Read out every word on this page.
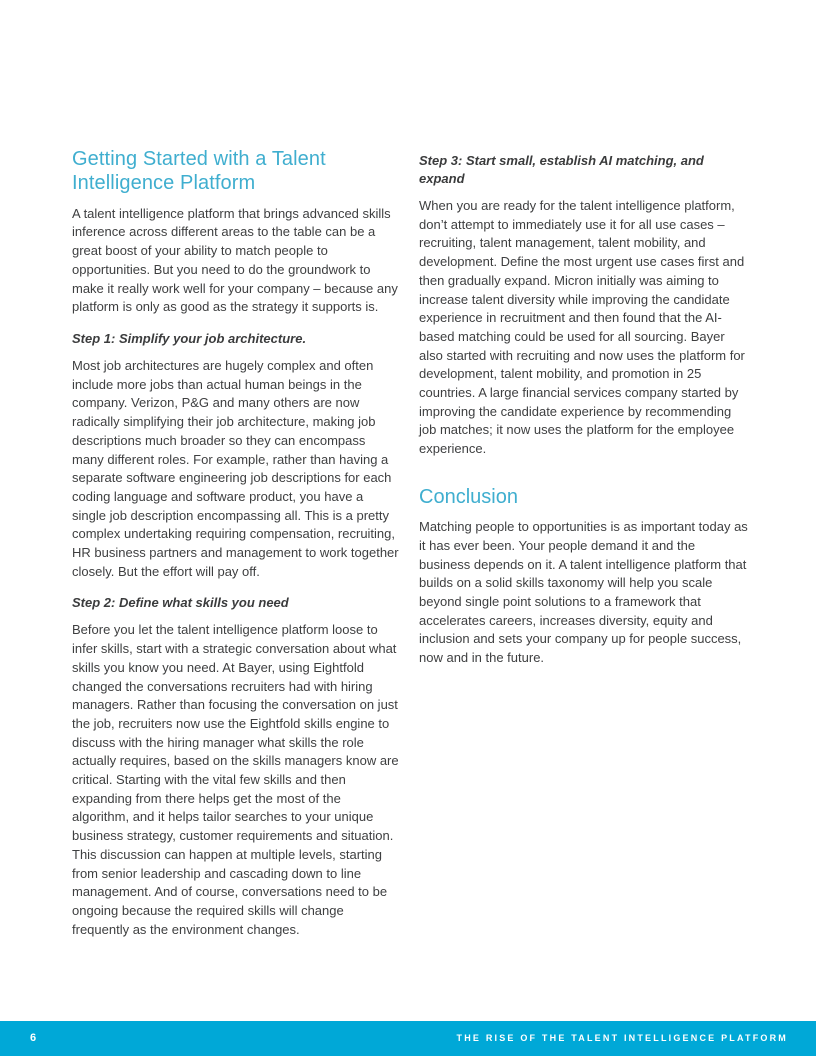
Getting Started with a Talent Intelligence Platform

A talent intelligence platform that brings advanced skills inference across different areas to the table can be a great boost of your ability to match people to opportunities. But you need to do the groundwork to make it really work well for your company – because any platform is only as good as the strategy it supports is.

Step 1: Simplify your job architecture.

Most job architectures are hugely complex and often include more jobs than actual human beings in the company. Verizon, P&G and many others are now radically simplifying their job architecture, making job descriptions much broader so they can encompass many different roles. For example, rather than having a separate software engineering job descriptions for each coding language and software product, you have a single job description encompassing all. This is a pretty complex undertaking requiring compensation, recruiting, HR business partners and management to work together closely. But the effort will pay off.

Step 2: Define what skills you need

Before you let the talent intelligence platform loose to infer skills, start with a strategic conversation about what skills you know you need. At Bayer, using Eightfold changed the conversations recruiters had with hiring managers. Rather than focusing the conversation on just the job, recruiters now use the Eightfold skills engine to discuss with the hiring manager what skills the role actually requires, based on the skills managers know are critical. Starting with the vital few skills and then expanding from there helps get the most of the algorithm, and it helps tailor searches to your unique business strategy, customer requirements and situation. This discussion can happen at multiple levels, starting from senior leadership and cascading down to line management. And of course, conversations need to be ongoing because the required skills will change frequently as the environment changes.

Step 3: Start small, establish AI matching, and expand

When you are ready for the talent intelligence platform, don’t attempt to immediately use it for all use cases – recruiting, talent management, talent mobility, and development. Define the most urgent use cases first and then gradually expand. Micron initially was aiming to increase talent diversity while improving the candidate experience in recruitment and then found that the AI-based matching could be used for all sourcing. Bayer also started with recruiting and now uses the platform for development, talent mobility, and promotion in 25 countries. A large financial services company started by improving the candidate experience by recommending job matches; it now uses the platform for the employee experience.

Conclusion

Matching people to opportunities is as important today as it has ever been. Your people demand it and the business depends on it. A talent intelligence platform that builds on a solid skills taxonomy will help you scale beyond single point solutions to a framework that accelerates careers, increases diversity, equity and inclusion and sets your company up for people success, now and in the future.

6	THE RISE OF THE TALENT INTELLIGENCE PLATFORM
